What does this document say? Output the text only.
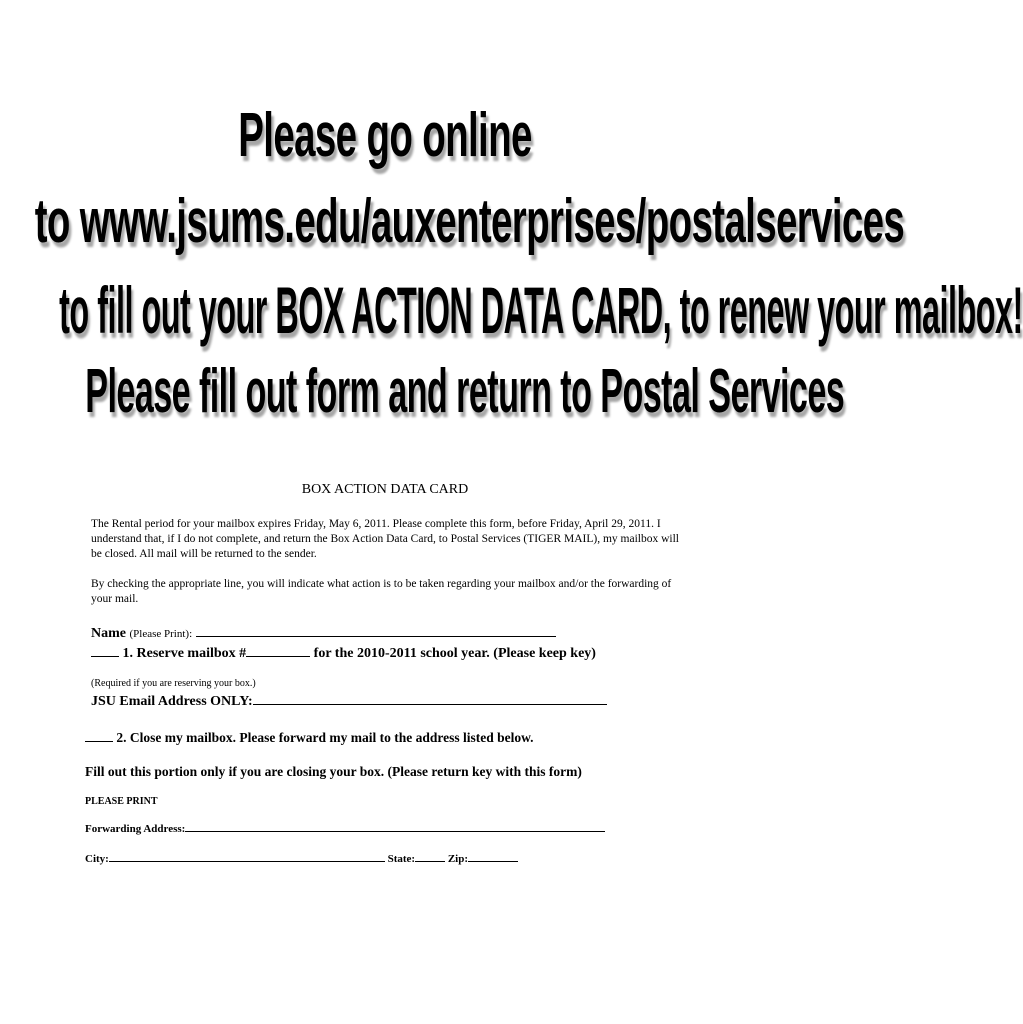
Please go online
to www.jsums.edu/auxenterprises/postalservices
to fill out your BOX ACTION DATA CARD, to renew your mailbox!
Please fill out form and return to Postal Services
BOX ACTION DATA CARD
The Rental period for your mailbox expires Friday, May 6, 2011. Please complete this form, before Friday, April 29, 2011. I understand that, if I do not complete, and return the Box Action Data Card, to Postal Services (TIGER MAIL), my mailbox will be closed. All mail will be returned to the sender.
By checking the appropriate line, you will indicate what action is to be taken regarding your mailbox and/or the forwarding of your mail.
Name (Please Print):
1. Reserve mailbox #	for the 2010-2011 school year. (Please keep key)
(Required if you are reserving your box.)
JSU Email Address ONLY:
2. Close my mailbox. Please forward my mail to the address listed below.
Fill out this portion only if you are closing your box. (Please return key with this form)
PLEASE PRINT
Forwarding Address:
City:	State:	Zip:
